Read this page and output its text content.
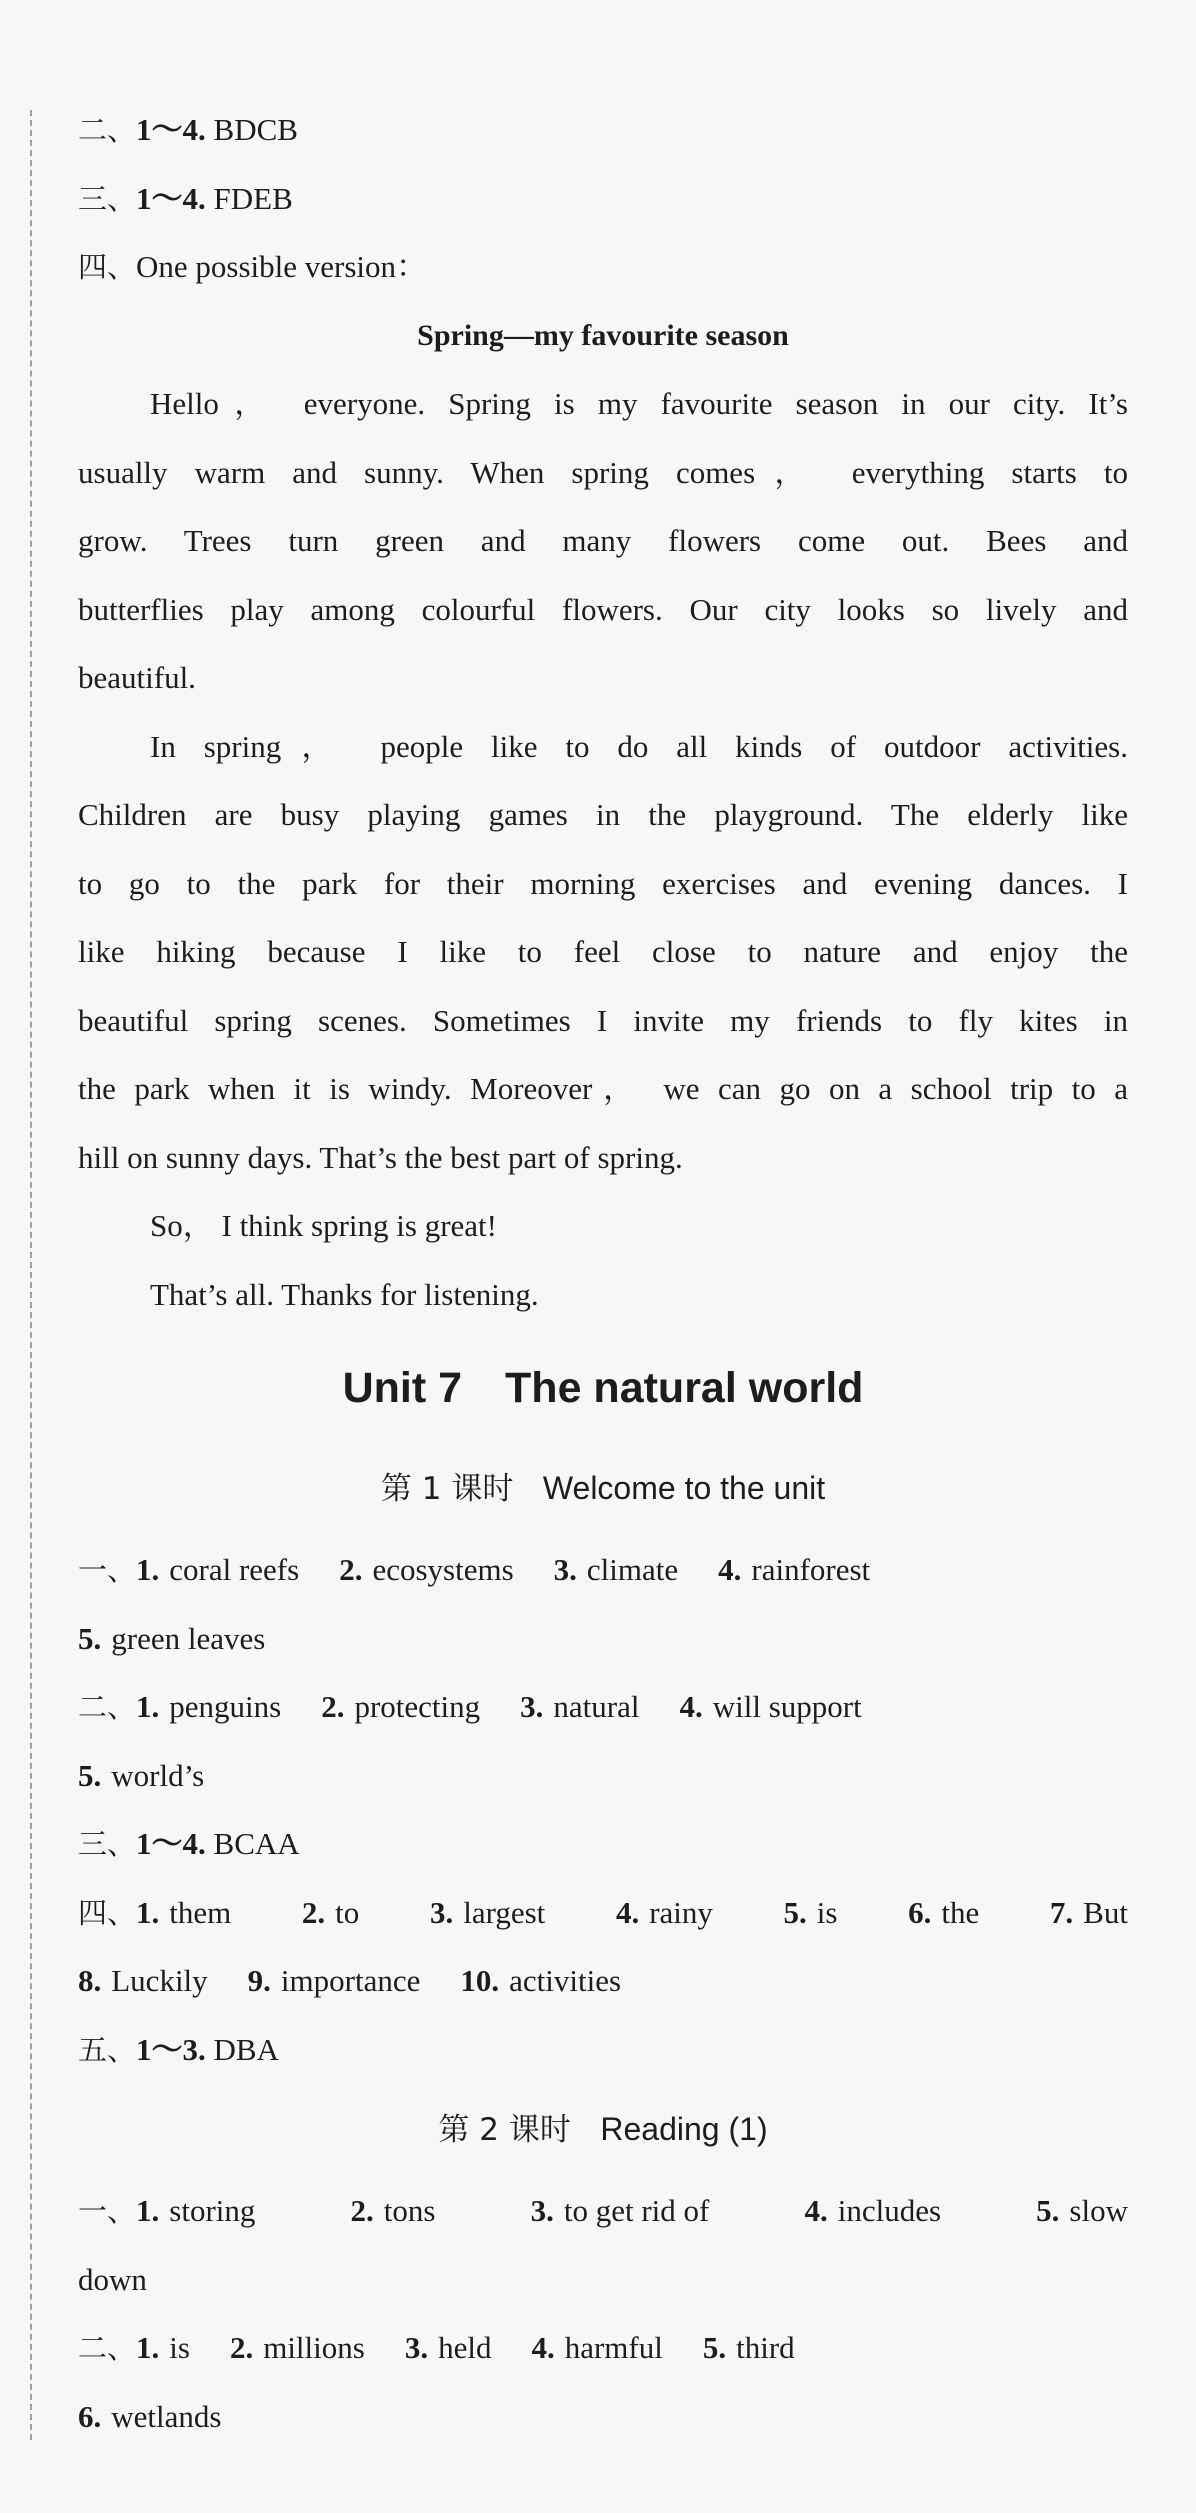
二、1～4. BDCB
三、1～4. FDEB
四、One possible version：
Spring—my favourite season
Hello， everyone. Spring is my favourite season in our city. It’s
usually warm and sunny. When spring comes， everything starts to
grow. Trees turn green and many flowers come out. Bees and
butterflies play among colourful flowers. Our city looks so lively and
beautiful.
In spring， people like to do all kinds of outdoor activities.
Children are busy playing games in the playground. The elderly like
to go to the park for their morning exercises and evening dances. I
like hiking because I like to feel close to nature and enjoy the
beautiful spring scenes. Sometimes I invite my friends to fly kites in
the park when it is windy. Moreover， we can go on a school trip to a
hill on sunny days. That’s the best part of spring.
So， I think spring is great!
That’s all. Thanks for listening.
Unit 7　The natural world
第 1 课时 Welcome to the unit
一、1. coral reefs 2. ecosystems 3. climate 4. rainforest
5. green leaves
二、1. penguins 2. protecting 3. natural 4. will support
5. world’s
三、1～4. BCAA
四、1. them 2. to 3. largest 4. rainy 5. is 6. the 7. But
8. Luckily 9. importance 10. activities
五、1～3. DBA
第 2 课时 Reading (1)
一、1. storing	2. tons	3. to get rid of	4. includes	5. slow
down
二、1. is 2. millions 3. held 4. harmful 5. third
6. wetlands
